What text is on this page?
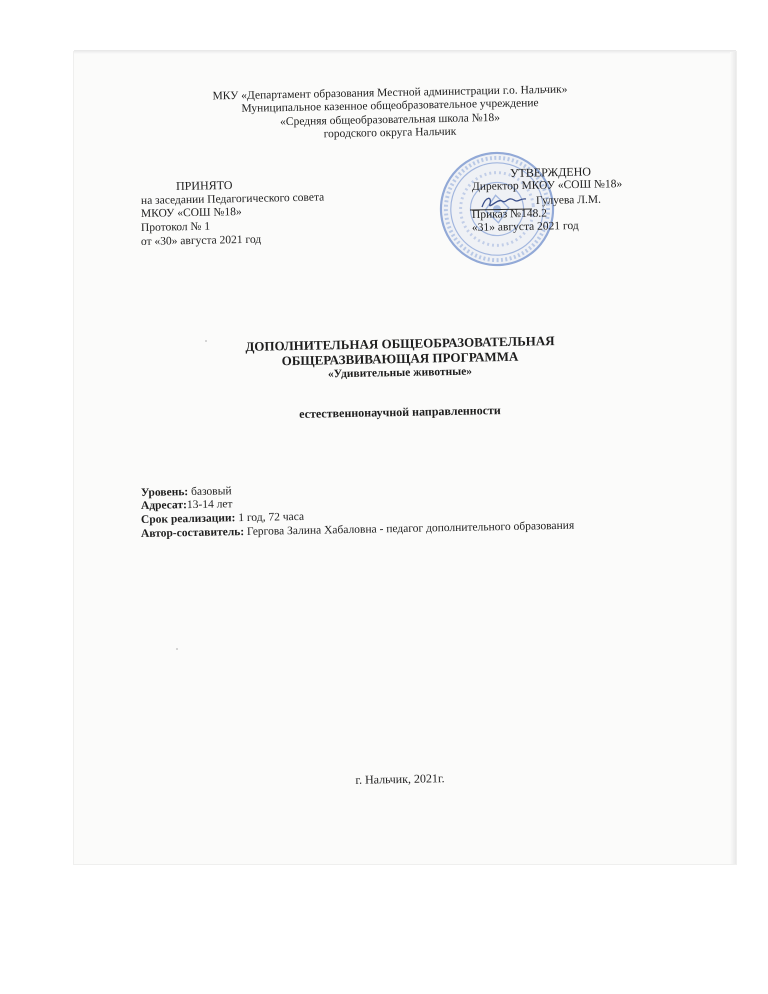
МКУ «Департамент образования Местной администрации г.о. Нальчик»
Муниципальное казенное общеобразовательное учреждение
«Средняя общеобразовательная школа №18»
городского округа Нальчик
ПРИНЯТО
на заседании Педагогического совета
МКОУ «СОШ №18»
Протокол № 1
от «30» августа 2021 год
УТВЕРЖДЕНО
Директор МКОУ «СОШ №18»
Гулуева Л.М.
Приказ №148.2
«31» августа 2021 год
ДОПОЛНИТЕЛЬНАЯ ОБЩЕОБРАЗОВАТЕЛЬНАЯ
ОБЩЕРАЗВИВАЮЩАЯ ПРОГРАММА
«Удивительные животные»
естественнонаучной направленности
Уровень: базовый
Адресат:13-14 лет
Срок реализации: 1 год, 72 часа
Автор-составитель: Гергова Залина Хабаловна - педагог дополнительного образования
г. Нальчик, 2021г.
